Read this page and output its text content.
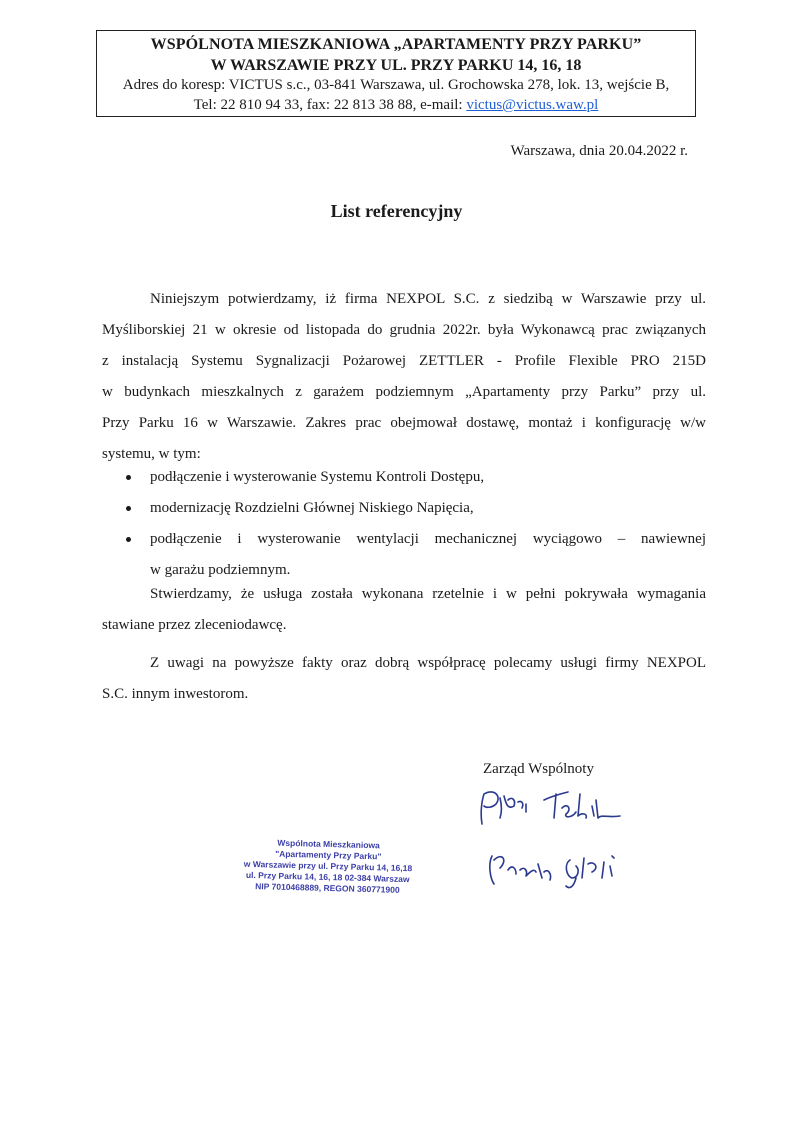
WSPÓLNOTA MIESZKANIOWA „APARTAMENTY PRZY PARKU”
W WARSZAWIE PRZY UL. PRZY PARKU 14, 16, 18
Adres do koresp: VICTUS s.c., 03-841 Warszawa, ul. Grochowska 278, lok. 13, wejście B,
Tel: 22 810 94 33, fax: 22 813 38 88, e-mail: victus@victus.waw.pl
Warszawa, dnia 20.04.2022 r.
List referencyjny
Niniejszym potwierdzamy, iż firma NEXPOL S.C. z siedzibą w Warszawie przy ul.
Myśliborskiej 21 w okresie od listopada do grudnia 2022r. była Wykonawcą prac związanych
z instalacją Systemu Sygnalizacji Pożarowej ZETTLER - Profile Flexible PRO 215D
w budynkach mieszkalnych z garażem podziemnym „Apartamenty przy Parku” przy ul.
Przy Parku 16 w Warszawie. Zakres prac obejmował dostawę, montaż i konfigurację w/w
systemu, w tym:
podłączenie i wysterowanie Systemu Kontroli Dostępu,
modernizację Rozdzielni Głównej Niskiego Napięcia,
podłączenie i wysterowanie wentylacji mechanicznej wyciągowo – nawiewnej
w garażu podziemnym.
Stwierdzamy, że usługa została wykonana rzetelnie i w pełni pokrywała wymagania
stawiane przez zleceniodawcę.
Z uwagi na powyższe fakty oraz dobrą współpracę polecamy usługi firmy NEXPOL
S.C. innym inwestorom.
Zarząd Wspólnoty
Wspólnota Mieszkaniowa
"Apartamenty Przy Parku"
w Warszawie przy ul. Przy Parku 14, 16,18
ul. Przy Parku 14, 16, 18 02-384 Warszaw
NIP 7010468889, REGON 360771900
